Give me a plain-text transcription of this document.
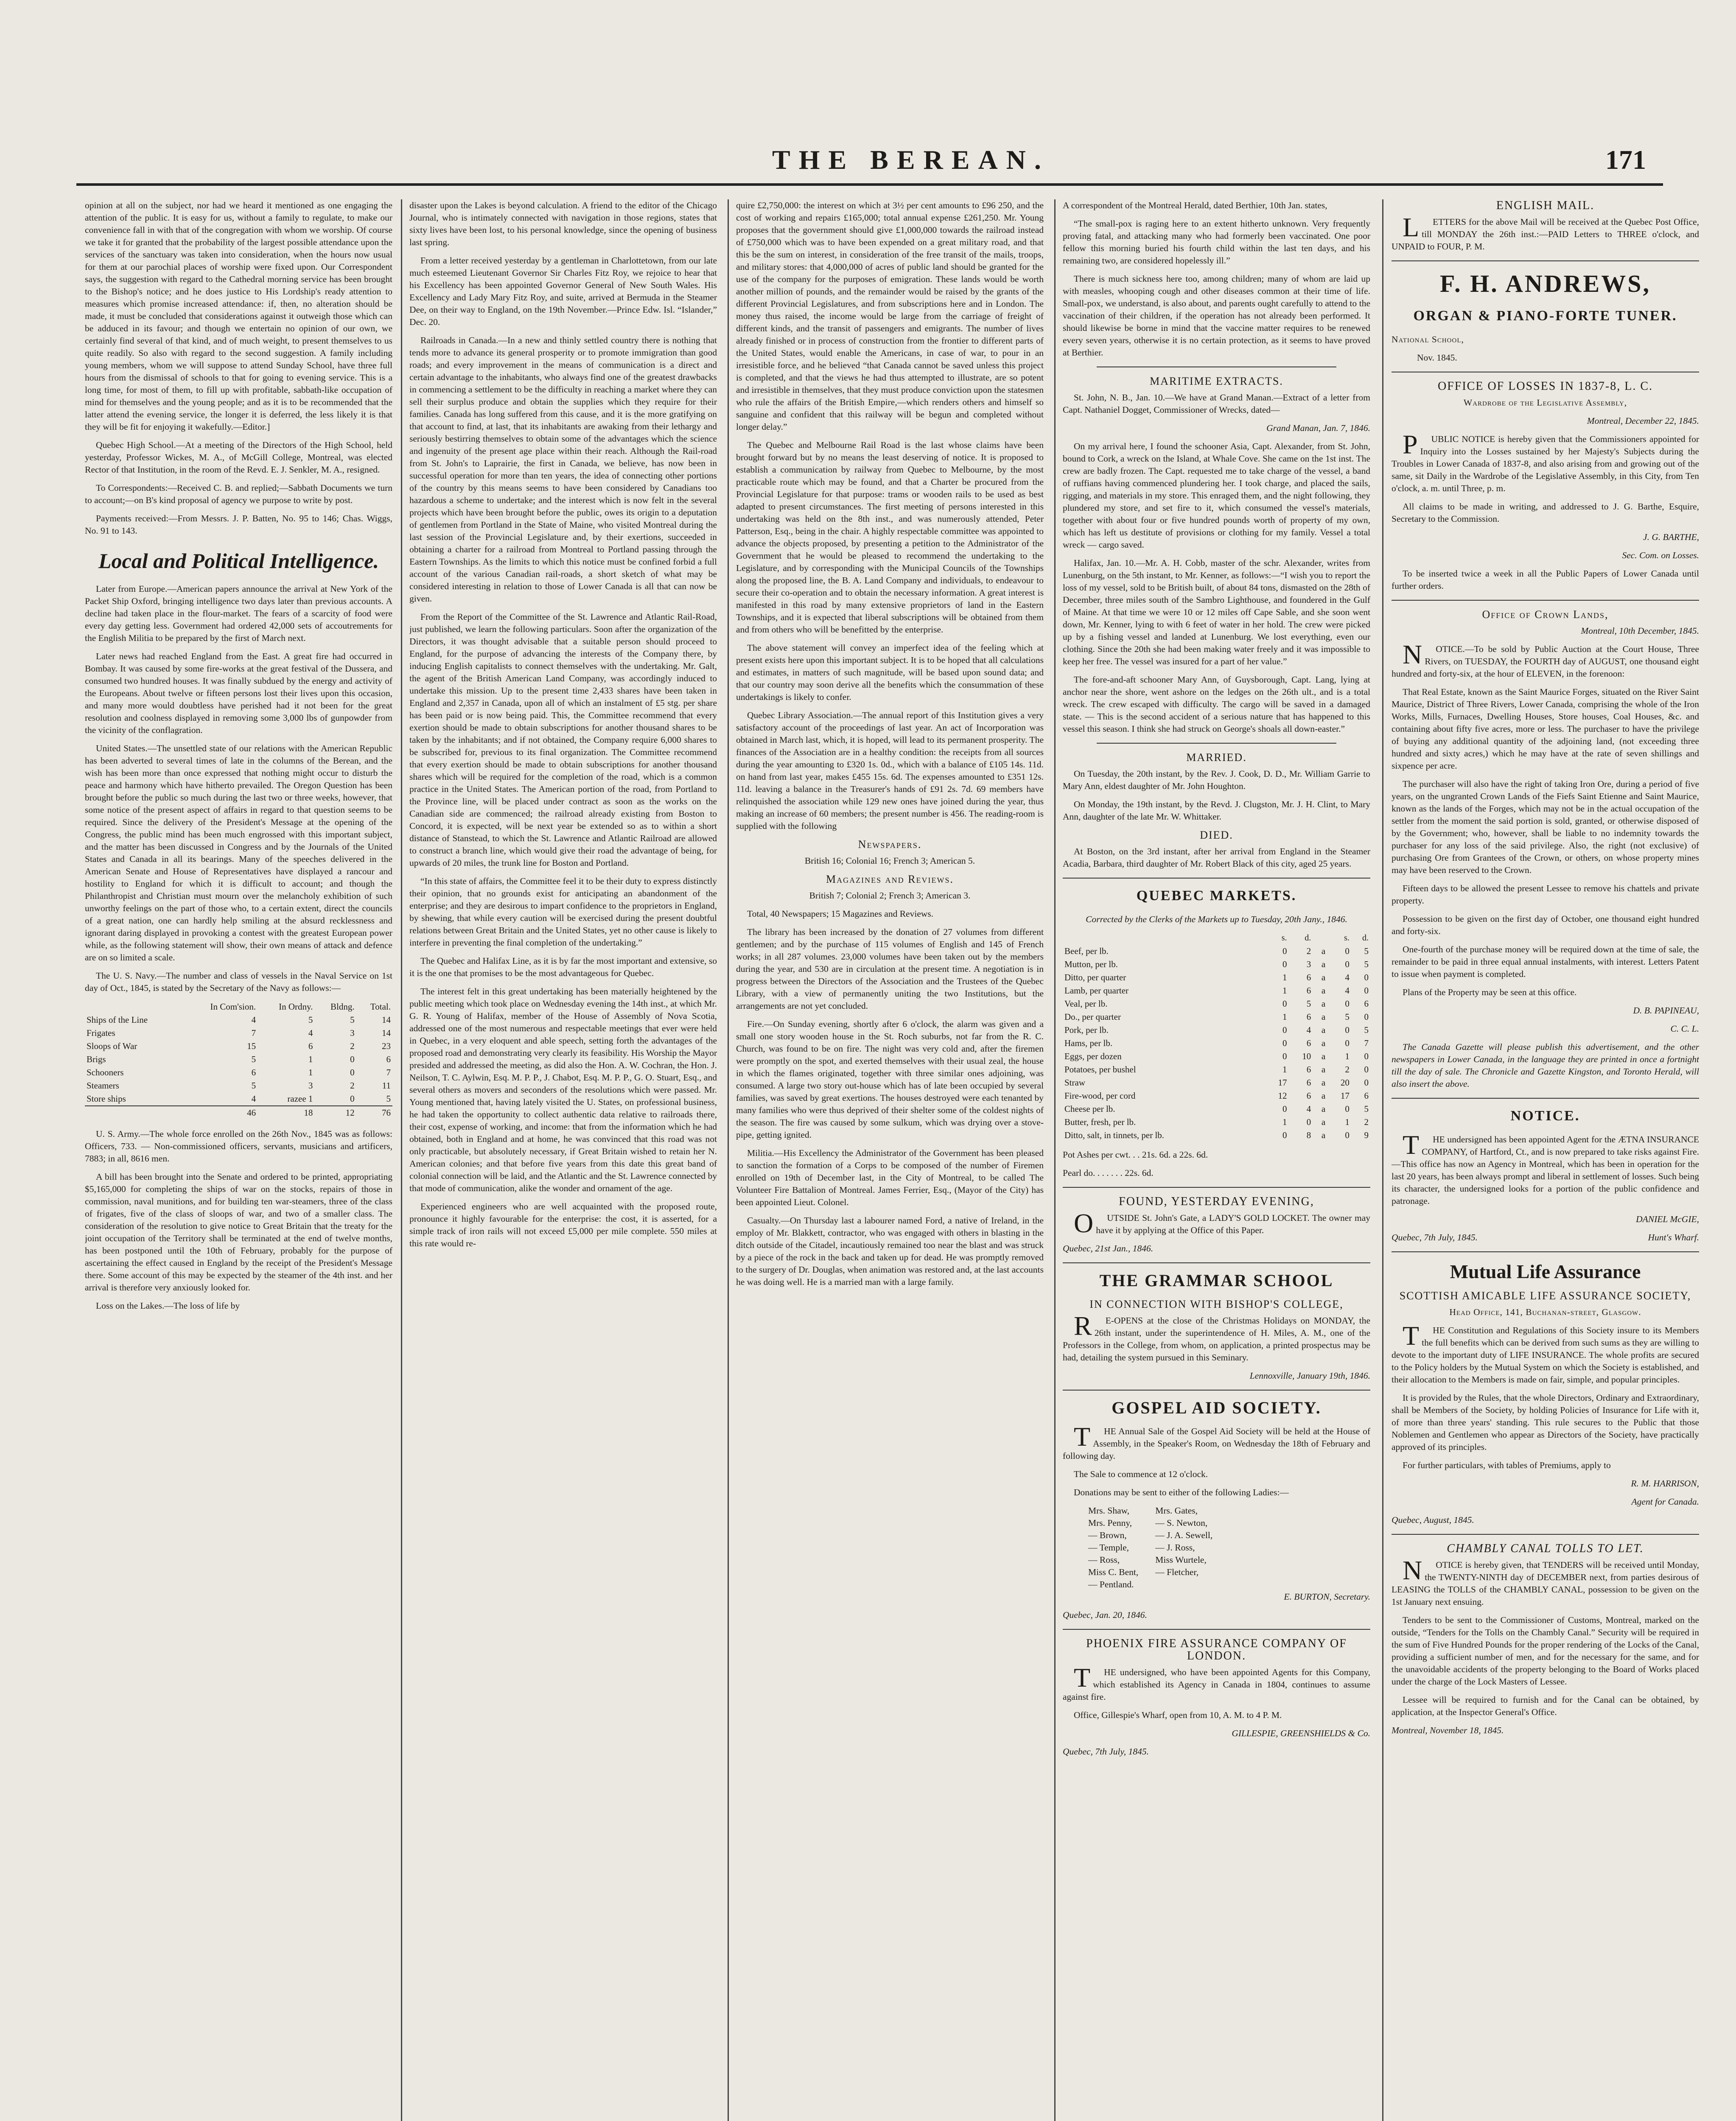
THE BEREAN.	171

opinion at all on the subject, nor had we heard it mentioned as one engaging the attention of the public. It is easy for us, without a family to regulate, to make our convenience fall in with that of the congregation with whom we worship. Of course we take it for granted that the probability of the largest possible attendance upon the services of the sanctuary was taken into consideration, when the hours now usual for them at our parochial places of worship were fixed upon. Our Correspondent says, the suggestion with regard to the Cathedral morning service has been brought to the Bishop's notice; and he does justice to His Lordship's ready attention to measures which promise increased attendance: if, then, no alteration should be made, it must be concluded that considerations against it outweigh those which can be adduced in its favour; and though we entertain no opinion of our own, we certainly find several of that kind, and of much weight, to present themselves to us quite readily. So also with regard to the second suggestion. A family including young members, whom we will suppose to attend Sunday School, have three full hours from the dismissal of schools to that for going to evening service. This is a long time, for most of them, to fill up with profitable, sabbath-like occupation of mind for themselves and the young people; and as it is to be recommended that the latter attend the evening service, the longer it is deferred, the less likely it is that they will be fit for enjoying it wakefully.—Editor.]

Quebec High School.—At a meeting of the Directors of the High School, held yesterday, Professor Wickes, M. A., of McGill College, Montreal, was elected Rector of that Institution, in the room of the Revd. E. J. Senkler, M. A., resigned.

To Correspondents:—Received C. B. and replied;—Sabbath Documents we turn to account;—on B's kind proposal of agency we purpose to write by post.

Payments received:—From Messrs. J. P. Batten, No. 95 to 146; Chas. Wiggs, No. 91 to 143.

Local and Political Intelligence.

Later from Europe.—American papers announce the arrival at New York of the Packet Ship Oxford, bringing intelligence two days later than previous accounts. A decline had taken place in the flour-market. The fears of a scarcity of food were every day getting less. Government had ordered 42,000 sets of accoutrements for the English Militia to be prepared by the first of March next.

Later news had reached England from the East. A great fire had occurred in Bombay. It was caused by some fire-works at the great festival of the Dussera, and consumed two hundred houses. It was finally subdued by the energy and activity of the Europeans. About twelve or fifteen persons lost their lives upon this occasion, and many more would doubtless have perished had it not been for the great resolution and coolness displayed in removing some 3,000 lbs of gunpowder from the vicinity of the conflagration.

United States.—The unsettled state of our relations with the American Republic has been adverted to several times of late in the columns of the Berean, and the wish has been more than once expressed that nothing might occur to disturb the peace and harmony which have hitherto prevailed. The Oregon Question has been brought before the public so much during the last two or three weeks, however, that some notice of the present aspect of affairs in regard to that question seems to be required. Since the delivery of the President's Message at the opening of the Congress, the public mind has been much engrossed with this important subject, and the matter has been discussed in Congress and by the Journals of the United States and Canada in all its bearings. Many of the speeches delivered in the American Senate and House of Representatives have displayed a rancour and hostility to England for which it is difficult to account; and though the Philanthropist and Christian must mourn over the melancholy exhibition of such unworthy feelings on the part of those who, to a certain extent, direct the councils of a great nation, one can hardly help smiling at the absurd recklessness and ignorant daring displayed in provoking a contest with the greatest European power while, as the following statement will show, their own means of attack and defence are on so limited a scale.

The U. S. Navy.—The number and class of vessels in the Naval Service on 1st day of Oct., 1845, is stated by the Secretary of the Navy as follows:—

	In Com'sion.	In Ordny.	Bldng.	Total.
Ships of the Line	4	5	5	14
Frigates	7	4	3	14
Sloops of War	15	6	2	23
Brigs	5	1	0	6
Schooners	6	1	0	7
Steamers	5	3	2	11
Store ships	4	razee 1	0	5
	46	18	12	76

U. S. Army.—The whole force enrolled on the 26th Nov., 1845 was as follows: Officers, 733. — Non-commissioned officers, servants, musicians and artificers, 7883; in all, 8616 men.

A bill has been brought into the Senate and ordered to be printed, appropriating $5,165,000 for completing the ships of war on the stocks, repairs of those in commission, naval munitions, and for building ten war-steamers, three of the class of frigates, five of the class of sloops of war, and two of a smaller class. The consideration of the resolution to give notice to Great Britain that the treaty for the joint occupation of the Territory shall be terminated at the end of twelve months, has been postponed until the 10th of February, probably for the purpose of ascertaining the effect caused in England by the receipt of the President's Message there. Some account of this may be expected by the steamer of the 4th inst. and her arrival is therefore very anxiously looked for.

Loss on the Lakes.—The loss of life by

disaster upon the Lakes is beyond calculation. A friend to the editor of the Chicago Journal, who is intimately connected with navigation in those regions, states that sixty lives have been lost, to his personal knowledge, since the opening of business last spring.

From a letter received yesterday by a gentleman in Charlottetown, from our late much esteemed Lieutenant Governor Sir Charles Fitz Roy, we rejoice to hear that his Excellency has been appointed Governor General of New South Wales. His Excellency and Lady Mary Fitz Roy, and suite, arrived at Bermuda in the Steamer Dee, on their way to England, on the 19th November.—Prince Edw. Isl. “Islander,” Dec. 20.

Railroads in Canada.—In a new and thinly settled country there is nothing that tends more to advance its general prosperity or to promote immigration than good roads; and every improvement in the means of communication is a direct and certain advantage to the inhabitants, who always find one of the greatest drawbacks in commencing a settlement to be the difficulty in reaching a market where they can sell their surplus produce and obtain the supplies which they require for their families. Canada has long suffered from this cause, and it is the more gratifying on that account to find, at last, that its inhabitants are awaking from their lethargy and seriously bestirring themselves to obtain some of the advantages which the science and ingenuity of the present age place within their reach. Although the Rail-road from St. John's to Laprairie, the first in Canada, we believe, has now been in successful operation for more than ten years, the idea of connecting other portions of the country by this means seems to have been considered by Canadians too hazardous a scheme to undertake; and the interest which is now felt in the several projects which have been brought before the public, owes its origin to a deputation of gentlemen from Portland in the State of Maine, who visited Montreal during the last session of the Provincial Legislature and, by their exertions, succeeded in obtaining a charter for a railroad from Montreal to Portland passing through the Eastern Townships. As the limits to which this notice must be confined forbid a full account of the various Canadian rail-roads, a short sketch of what may be considered interesting in relation to those of Lower Canada is all that can now be given.

From the Report of the Committee of the St. Lawrence and Atlantic Rail-Road, just published, we learn the following particulars. Soon after the organization of the Directors, it was thought advisable that a suitable person should proceed to England, for the purpose of advancing the interests of the Company there, by inducing English capitalists to connect themselves with the undertaking. Mr. Galt, the agent of the British American Land Company, was accordingly induced to undertake this mission. Up to the present time 2,433 shares have been taken in England and 2,357 in Canada, upon all of which an instalment of £5 stg. per share has been paid or is now being paid. This, the Committee recommend that every exertion should be made to obtain subscriptions for another thousand shares to be taken by the inhabitants; and if not obtained, the Company require 6,000 shares to be subscribed for, previous to its final organization. The Committee recommend that every exertion should be made to obtain subscriptions for another thousand shares which will be required for the completion of the road, which is a common practice in the United States. The American portion of the road, from Portland to the Province line, will be placed under contract as soon as the works on the Canadian side are commenced; the railroad already existing from Boston to Concord, it is expected, will be next year be extended so as to within a short distance of Stanstead, to which the St. Lawrence and Atlantic Railroad are allowed to construct a branch line, which would give their road the advantage of being, for upwards of 20 miles, the trunk line for Boston and Portland.

“In this state of affairs, the Committee feel it to be their duty to express distinctly their opinion, that no grounds exist for anticipating an abandonment of the enterprise; and they are desirous to impart confidence to the proprietors in England, by shewing, that while every caution will be exercised during the present doubtful relations between Great Britain and the United States, yet no other cause is likely to interfere in preventing the final completion of the undertaking.”

The Quebec and Halifax Line, as it is by far the most important and extensive, so it is the one that promises to be the most advantageous for Quebec.

The interest felt in this great undertaking has been materially heightened by the public meeting which took place on Wednesday evening the 14th inst., at which Mr. G. R. Young of Halifax, member of the House of Assembly of Nova Scotia, addressed one of the most numerous and respectable meetings that ever were held in Quebec, in a very eloquent and able speech, setting forth the advantages of the proposed road and demonstrating very clearly its feasibility. His Worship the Mayor presided and addressed the meeting, as did also the Hon. A. W. Cochran, the Hon. J. Neilson, T. C. Aylwin, Esq. M. P. P., J. Chabot, Esq. M. P. P., G. O. Stuart, Esq., and several others as movers and seconders of the resolutions which were passed. Mr. Young mentioned that, having lately visited the U. States, on professional business, he had taken the opportunity to collect authentic data relative to railroads there, their cost, expense of working, and income: that from the information which he had obtained, both in England and at home, he was convinced that this road was not only practicable, but absolutely necessary, if Great Britain wished to retain her N. American colonies; and that before five years from this date this great band of colonial connection will be laid, and the Atlantic and the St. Lawrence connected by that mode of communication, alike the wonder and ornament of the age.

Experienced engineers who are well acquainted with the proposed route, pronounce it highly favourable for the enterprise: the cost, it is asserted, for a simple track of iron rails will not exceed £5,000 per mile complete. 550 miles at this rate would re-

quire £2,750,000: the interest on which at 3½ per cent amounts to £96 250, and the cost of working and repairs £165,000; total annual expense £261,250. Mr. Young proposes that the government should give £1,000,000 towards the railroad instead of £750,000 which was to have been expended on a great military road, and that this be the sum on interest, in consideration of the free transit of the mails, troops, and military stores: that 4,000,000 of acres of public land should be granted for the use of the company for the purposes of emigration. These lands would be worth another million of pounds, and the remainder would be raised by the grants of the different Provincial Legislatures, and from subscriptions here and in London. The money thus raised, the income would be large from the carriage of freight of different kinds, and the transit of passengers and emigrants. The number of lives already finished or in process of construction from the frontier to different parts of the United States, would enable the Americans, in case of war, to pour in an irresistible force, and he believed “that Canada cannot be saved unless this project is completed, and that the views he had thus attempted to illustrate, are so potent and irresistible in themselves, that they must produce conviction upon the statesmen who rule the affairs of the British Empire,—which renders others and himself so sanguine and confident that this railway will be begun and completed without longer delay.”

The Quebec and Melbourne Rail Road is the last whose claims have been brought forward but by no means the least deserving of notice. It is proposed to establish a communication by railway from Quebec to Melbourne, by the most practicable route which may be found, and that a Charter be procured from the Provincial Legislature for that purpose: trams or wooden rails to be used as best adapted to present circumstances. The first meeting of persons interested in this undertaking was held on the 8th inst., and was numerously attended, Peter Patterson, Esq., being in the chair. A highly respectable committee was appointed to advance the objects proposed, by presenting a petition to the Administrator of the Government that he would be pleased to recommend the undertaking to the Legislature, and by corresponding with the Municipal Councils of the Townships along the proposed line, the B. A. Land Company and individuals, to endeavour to secure their co-operation and to obtain the necessary information. A great interest is manifested in this road by many extensive proprietors of land in the Eastern Townships, and it is expected that liberal subscriptions will be obtained from them and from others who will be benefitted by the enterprise.

The above statement will convey an imperfect idea of the feeling which at present exists here upon this important subject. It is to be hoped that all calculations and estimates, in matters of such magnitude, will be based upon sound data; and that our country may soon derive all the benefits which the consummation of these undertakings is likely to confer.

Quebec Library Association.—The annual report of this Institution gives a very satisfactory account of the proceedings of last year. An act of Incorporation was obtained in March last, which, it is hoped, will lead to its permanent prosperity. The finances of the Association are in a healthy condition: the receipts from all sources during the year amounting to £320 1s. 0d., which with a balance of £105 14s. 11d. on hand from last year, makes £455 15s. 6d. The expenses amounted to £351 12s. 11d. leaving a balance in the Treasurer's hands of £91 2s. 7d. 69 members have relinquished the association while 129 new ones have joined during the year, thus making an increase of 60 members; the present number is 456. The reading-room is supplied with the following

Newspapers.

British 16; Colonial 16; French 3; American 5.

Magazines and Reviews.

British 7; Colonial 2; French 3; American 3.

Total, 40 Newspapers; 15 Magazines and Reviews.

The library has been increased by the donation of 27 volumes from different gentlemen; and by the purchase of 115 volumes of English and 145 of French works; in all 287 volumes. 23,000 volumes have been taken out by the members during the year, and 530 are in circulation at the present time. A negotiation is in progress between the Directors of the Association and the Trustees of the Quebec Library, with a view of permanently uniting the two Institutions, but the arrangements are not yet concluded.

Fire.—On Sunday evening, shortly after 6 o'clock, the alarm was given and a small one story wooden house in the St. Roch suburbs, not far from the R. C. Church, was found to be on fire. The night was very cold and, after the firemen were promptly on the spot, and exerted themselves with their usual zeal, the house in which the flames originated, together with three similar ones adjoining, was consumed. A large two story out-house which has of late been occupied by several families, was saved by great exertions. The houses destroyed were each tenanted by many families who were thus deprived of their shelter some of the coldest nights of the season. The fire was caused by some sulkum, which was drying over a stove-pipe, getting ignited.

Militia.—His Excellency the Administrator of the Government has been pleased to sanction the formation of a Corps to be composed of the number of Firemen enrolled on 19th of December last, in the City of Montreal, to be called The Volunteer Fire Battalion of Montreal. James Ferrier, Esq., (Mayor of the City) has been appointed Lieut. Colonel.

Casualty.—On Thursday last a labourer named Ford, a native of Ireland, in the employ of Mr. Blakkett, contractor, who was engaged with others in blasting in the ditch outside of the Citadel, incautiously remained too near the blast and was struck by a piece of the rock in the back and taken up for dead. He was promptly removed to the surgery of Dr. Douglas, when animation was restored and, at the last accounts he was doing well. He is a married man with a large family.

A correspondent of the Montreal Herald, dated Berthier, 10th Jan. states,

“The small-pox is raging here to an extent hitherto unknown. Very frequently proving fatal, and attacking many who had formerly been vaccinated. One poor fellow this morning buried his fourth child within the last ten days, and his remaining two, are considered hopelessly ill.”

There is much sickness here too, among children; many of whom are laid up with measles, whooping cough and other diseases common at their time of life. Small-pox, we understand, is also about, and parents ought carefully to attend to the vaccination of their children, if the operation has not already been performed. It should likewise be borne in mind that the vaccine matter requires to be renewed every seven years, otherwise it is no certain protection, as it seems to have proved at Berthier.

MARITIME EXTRACTS.

St. John, N. B., Jan. 10.—We have at Grand Manan.—Extract of a letter from Capt. Nathaniel Dogget, Commissioner of Wrecks, dated—

Grand Manan, Jan. 7, 1846.

On my arrival here, I found the schooner Asia, Capt. Alexander, from St. John, bound to Cork, a wreck on the Island, at Whale Cove. She came on the 1st inst. The crew are badly frozen. The Capt. requested me to take charge of the vessel, a band of ruffians having commenced plundering her. I took charge, and placed the sails, rigging, and materials in my store. This enraged them, and the night following, they plundered my store, and set fire to it, which consumed the vessel's materials, together with about four or five hundred pounds worth of property of my own, which has left us destitute of provisions or clothing for my family. Vessel a total wreck — cargo saved.

Halifax, Jan. 10.—Mr. A. H. Cobb, master of the schr. Alexander, writes from Lunenburg, on the 5th instant, to Mr. Kenner, as follows:—“I wish you to report the loss of my vessel, sold to be British built, of about 84 tons, dismasted on the 28th of December, three miles south of the Sambro Lighthouse, and foundered in the Gulf of Maine. At that time we were 10 or 12 miles off Cape Sable, and she soon went down, Mr. Kenner, lying to with 6 feet of water in her hold. The crew were picked up by a fishing vessel and landed at Lunenburg. We lost everything, even our clothing. Since the 20th she had been making water freely and it was impossible to keep her free. The vessel was insured for a part of her value.”

The fore-and-aft schooner Mary Ann, of Guysborough, Capt. Lang, lying at anchor near the shore, went ashore on the ledges on the 26th ult., and is a total wreck. The crew escaped with difficulty. The cargo will be saved in a damaged state. — This is the second accident of a serious nature that has happened to this vessel this season. I think she had struck on George's shoals all down-easter.”

MARRIED.

On Tuesday, the 20th instant, by the Rev. J. Cook, D. D., Mr. William Garrie to Mary Ann, eldest daughter of Mr. John Houghton.

On Monday, the 19th instant, by the Revd. J. Clugston, Mr. J. H. Clint, to Mary Ann, daughter of the late Mr. W. Whittaker.

DIED.

At Boston, on the 3rd instant, after her arrival from England in the Steamer Acadia, Barbara, third daughter of Mr. Robert Black of this city, aged 25 years.

QUEBEC MARKETS.

Corrected by the Clerks of the Markets up to Tuesday, 20th Jany., 1846.

	s.	d.		s.	d.
Beef, per lb.	0	2	a	0	5
Mutton, per lb.	0	3	a	0	5
Ditto, per quarter	1	6	a	4	0
Lamb, per quarter	1	6	a	4	0
Veal, per lb.	0	5	a	0	6
Do., per quarter	1	6	a	5	0
Pork, per lb.	0	4	a	0	5
Hams, per lb.	0	6	a	0	7
Eggs, per dozen	0	10	a	1	0
Potatoes, per bushel	1	6	a	2	0
Straw	17	6	a	20	0
Fire-wood, per cord	12	6	a	17	6
Cheese per lb.	0	4	a	0	5
Butter, fresh, per lb.	1	0	a	1	2
Ditto, salt, in tinnets, per lb.	0	8	a	0	9

Pot Ashes per cwt. . . 21s. 6d. a 22s. 6d.

Pearl do. . . . . . . 22s. 6d.

FOUND, YESTERDAY EVENING,

OUTSIDE St. John's Gate, a LADY'S GOLD LOCKET. The owner may have it by applying at the Office of this Paper.

Quebec, 21st Jan., 1846.

THE GRAMMAR SCHOOL
IN CONNECTION WITH BISHOP'S COLLEGE,

RE-OPENS at the close of the Christmas Holidays on MONDAY, the 26th instant, under the superintendence of H. Miles, A. M., one of the Professors in the College, from whom, on application, a printed prospectus may be had, detailing the system pursued in this Seminary.

Lennoxville, January 19th, 1846.

GOSPEL AID SOCIETY.

THE Annual Sale of the Gospel Aid Society will be held at the House of Assembly, in the Speaker's Room, on Wednesday the 18th of February and following day.

The Sale to commence at 12 o'clock.

Donations may be sent to either of the following Ladies:—

Mrs. Shaw,
Mrs. Penny,
— Brown,
— Temple,
— Ross,
Miss C. Bent,
— Pentland.
Mrs. Gates,
— S. Newton,
— J. A. Sewell,
— J. Ross,
Miss Wurtele,
— Fletcher,

E. BURTON, Secretary.

Quebec, Jan. 20, 1846.

PHOENIX FIRE ASSURANCE COMPANY OF LONDON.

THE undersigned, who have been appointed Agents for this Company, which established its Agency in Canada in 1804, continues to assume against fire.

Office, Gillespie's Wharf, open from 10, A. M. to 4 P. M.

GILLESPIE, GREENSHIELDS & Co.

Quebec, 7th July, 1845.

ENGLISH MAIL.

LETTERS for the above Mail will be received at the Quebec Post Office, till MONDAY the 26th inst.:—PAID Letters to THREE o'clock, and UNPAID to FOUR, P. M.

F. H. ANDREWS,
ORGAN & PIANO-FORTE TUNER.

National School,

Nov. 1845.

OFFICE OF LOSSES IN 1837-8, L. C.

Wardrobe of the Legislative Assembly,

Montreal, December 22, 1845.

PUBLIC NOTICE is hereby given that the Commissioners appointed for Inquiry into the Losses sustained by her Majesty's Subjects during the Troubles in Lower Canada of 1837-8, and also arising from and growing out of the same, sit Daily in the Wardrobe of the Legislative Assembly, in this City, from Ten o'clock, a. m. until Three, p. m.

All claims to be made in writing, and addressed to J. G. Barthe, Esquire, Secretary to the Commission.

J. G. BARTHE,

Sec. Com. on Losses.

To be inserted twice a week in all the Public Papers of Lower Canada until further orders.

Office of Crown Lands,

Montreal, 10th December, 1845.

NOTICE.—To be sold by Public Auction at the Court House, Three Rivers, on TUESDAY, the FOURTH day of AUGUST, one thousand eight hundred and forty-six, at the hour of ELEVEN, in the forenoon:

That Real Estate, known as the Saint Maurice Forges, situated on the River Saint Maurice, District of Three Rivers, Lower Canada, comprising the whole of the Iron Works, Mills, Furnaces, Dwelling Houses, Store houses, Coal Houses, &c. and containing about fifty five acres, more or less. The purchaser to have the privilege of buying any additional quantity of the adjoining land, (not exceeding three hundred and sixty acres,) which he may have at the rate of seven shillings and sixpence per acre.

The purchaser will also have the right of taking Iron Ore, during a period of five years, on the ungranted Crown Lands of the Fiefs Saint Etienne and Saint Maurice, known as the lands of the Forges, which may not be in the actual occupation of the settler from the moment the said portion is sold, granted, or otherwise disposed of by the Government; who, however, shall be liable to no indemnity towards the purchaser for any loss of the said privilege. Also, the right (not exclusive) of purchasing Ore from Grantees of the Crown, or others, on whose property mines may have been reserved to the Crown.

Fifteen days to be allowed the present Lessee to remove his chattels and private property.

Possession to be given on the first day of October, one thousand eight hundred and forty-six.

One-fourth of the purchase money will be required down at the time of sale, the remainder to be paid in three equal annual instalments, with interest. Letters Patent to issue when payment is completed.

Plans of the Property may be seen at this office.

D. B. PAPINEAU,

C. C. L.

The Canada Gazette will please publish this advertisement, and the other newspapers in Lower Canada, in the language they are printed in once a fortnight till the day of sale. The Chronicle and Gazette Kingston, and Toronto Herald, will also insert the above.

NOTICE.

THE undersigned has been appointed Agent for the ÆTNA INSURANCE COMPANY, of Hartford, Ct., and is now prepared to take risks against Fire.—This office has now an Agency in Montreal, which has been in operation for the last 20 years, has been always prompt and liberal in settlement of losses. Such being its character, the undersigned looks for a portion of the public confidence and patronage.

DANIEL McGIE,

Quebec, 7th July, 1845.	Hunt's Wharf.
Mutual Life Assurance
SCOTTISH AMICABLE LIFE ASSURANCE SOCIETY,

Head Office, 141, Buchanan-street, Glasgow.

THE Constitution and Regulations of this Society insure to its Members the full benefits which can be derived from such sums as they are willing to devote to the important duty of LIFE INSURANCE. The whole profits are secured to the Policy holders by the Mutual System on which the Society is established, and their allocation to the Members is made on fair, simple, and popular principles.

It is provided by the Rules, that the whole Directors, Ordinary and Extraordinary, shall be Members of the Society, by holding Policies of Insurance for Life with it, of more than three years' standing. This rule secures to the Public that those Noblemen and Gentlemen who appear as Directors of the Society, have practically approved of its principles.

For further particulars, with tables of Premiums, apply to

R. M. HARRISON,

Agent for Canada.

Quebec, August, 1845.

CHAMBLY CANAL TOLLS TO LET.

NOTICE is hereby given, that TENDERS will be received until Monday, the TWENTY-NINTH day of DECEMBER next, from parties desirous of LEASING the TOLLS of the CHAMBLY CANAL, possession to be given on the 1st January next ensuing.

Tenders to be sent to the Commissioner of Customs, Montreal, marked on the outside, “Tenders for the Tolls on the Chambly Canal.” Security will be required in the sum of Five Hundred Pounds for the proper rendering of the Locks of the Canal, providing a sufficient number of men, and for the necessary for the same, and for the unavoidable accidents of the property belonging to the Board of Works placed under the charge of the Lock Masters of Lessee.

Lessee will be required to furnish and for the Canal can be obtained, by application, at the Inspector General's Office.

Montreal, November 18, 1845.
